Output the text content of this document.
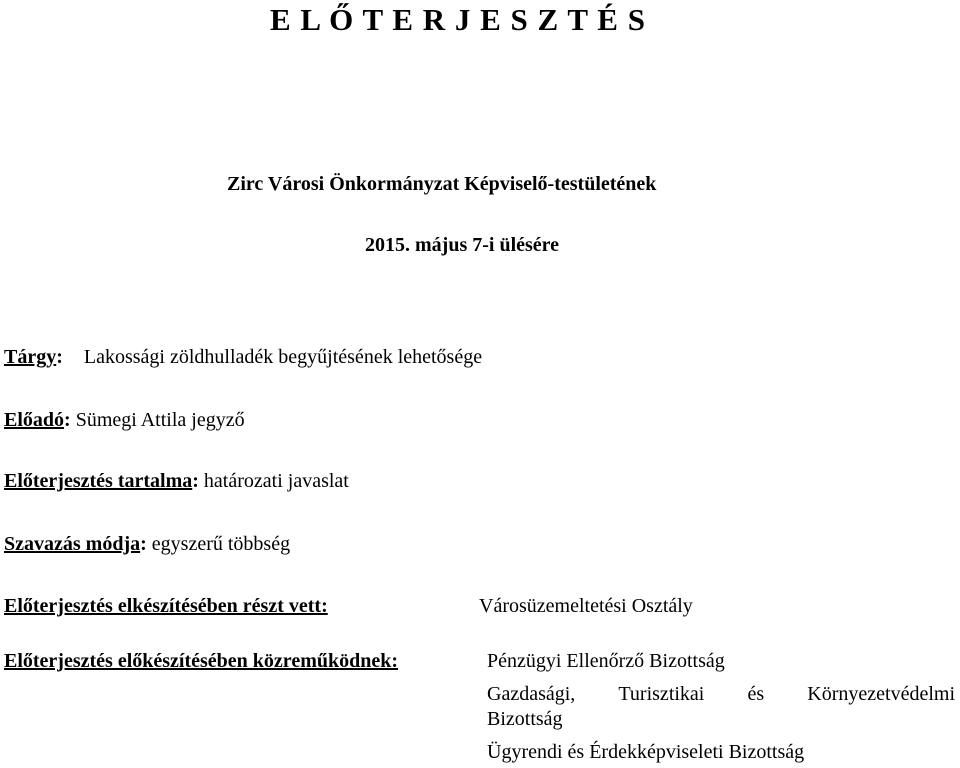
E L Ő T E R J E S Z T É S
Zirc Városi Önkormányzat Képviselő-testületének
2015. május 7-i ülésére
Tárgy: Lakossági zöldhulladék begyűjtésének lehetősége
Előadó: Sümegi Attila jegyző
Előterjesztés tartalma: határozati javaslat
Szavazás módja: egyszerű többség
Előterjesztés elkészítésében részt vett:	Városüzemeltetési Osztály
Előterjesztés előkészítésében közreműködnek:	Pénzügyi Ellenőrző Bizottság
Gazdasági, Turisztikai és Környezetvédelmi
Bizottság
Ügyrendi és Érdekképviseleti Bizottság
